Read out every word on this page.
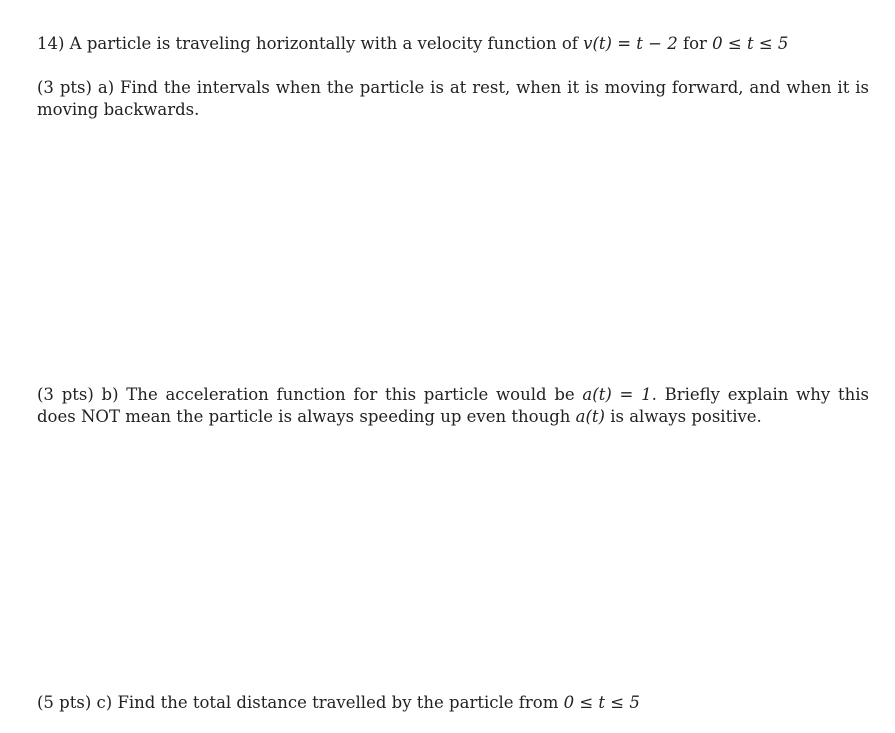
14) A particle is traveling horizontally with a velocity function of v(t) = t − 2 for 0 ≤ t ≤ 5
(3 pts) a) Find the intervals when the particle is at rest, when it is moving forward, and when it is moving backwards.
(3 pts) b) The acceleration function for this particle would be a(t) = 1. Briefly explain why this does NOT mean the particle is always speeding up even though a(t) is always positive.
(5 pts) c) Find the total distance travelled by the particle from 0 ≤ t ≤ 5
